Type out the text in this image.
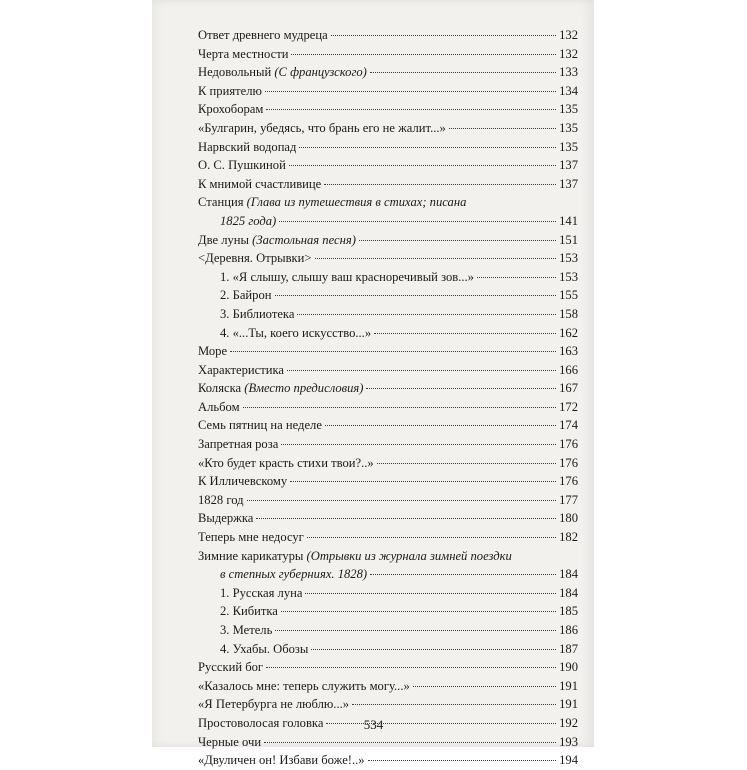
Ответ древнего мудреца	132
Черта местности	132
Недовольный (С французского)	133
К приятелю	134
Крохоборам	135
«Булгарин, убедясь, что брань его не жалит...»	135
Нарвский водопад	135
О. С. Пушкиной	137
К мнимой счастливице	137
Станция (Глава из путешествия в стихах; писана
1825 года)	141
Две луны (Застольная песня)	151
<Деревня. Отрывки>	153
1. «Я слышу, слышу ваш красноречивый зов...»	153
2. Байрон	155
3. Библиотека	158
4. «...Ты, коего искусство...»	162
Море	163
Характеристика	166
Коляска (Вместо предисловия)	167
Альбом	172
Семь пятниц на неделе	174
Запретная роза	176
«Кто будет красть стихи твои?..»	176
К Илличевскому	176
1828 год	177
Выдержка	180
Теперь мне недосуг	182
Зимние карикатуры (Отрывки из журнала зимней поездки
в степных губерниях. 1828)	184
1. Русская луна	184
2. Кибитка	185
3. Метель	186
4. Ухабы. Обозы	187
Русский бог	190
«Казалось мне: теперь служить могу...»	191
«Я Петербурга не люблю...»	191
Простоволосая головка	192
Черные очи	193
«Двуличен он! Избави боже!..»	194
534
